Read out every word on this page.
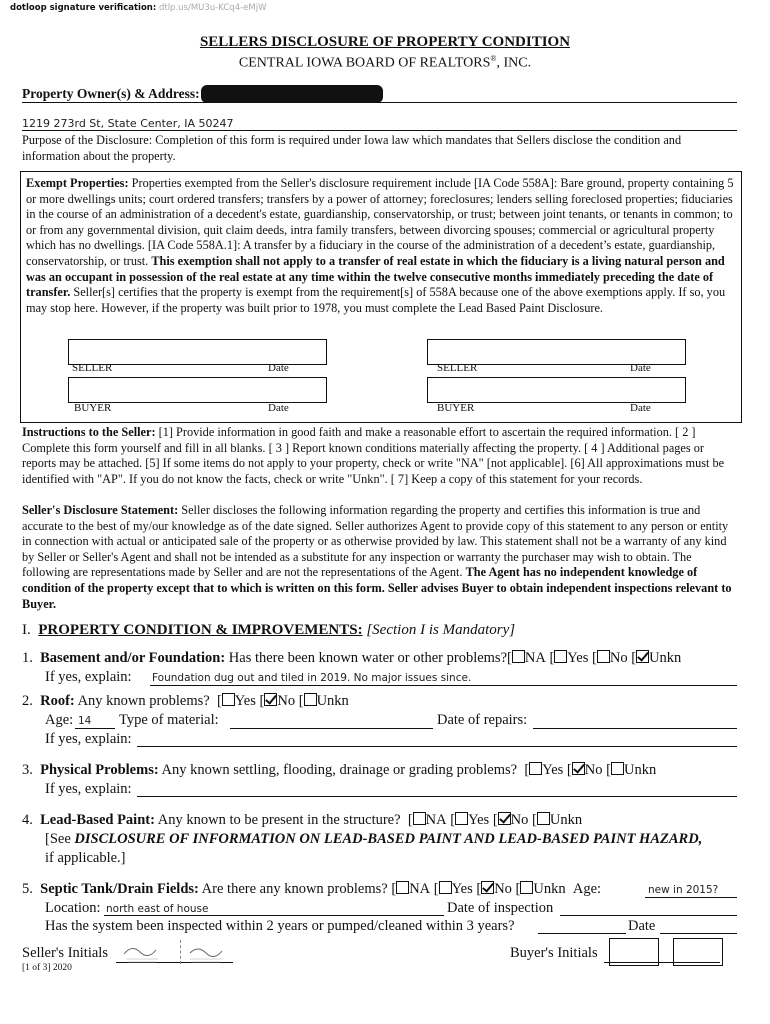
dotloop signature verification: dtlp.us/MU3u-KCq4-eMjW
SELLERS DISCLOSURE OF PROPERTY CONDITION
CENTRAL IOWA BOARD OF REALTORS®, INC.
Property Owner(s) & Address:
1219 273rd St, State Center, IA 50247
Purpose of the Disclosure: Completion of this form is required under Iowa law which mandates that Sellers disclose the condition and information about the property.
Exempt Properties: Properties exempted from the Seller's disclosure requirement include [IA Code 558A]: Bare ground, property containing 5 or more dwellings units; court ordered transfers; transfers by a power of attorney; foreclosures; lenders selling foreclosed properties; fiduciaries in the course of an administration of a decedent's estate, guardianship, conservatorship, or trust; between joint tenants, or tenants in common; to or from any governmental division, quit claim deeds, intra family transfers, between divorcing spouses; commercial or agricultural property which has no dwellings. [IA Code 558A.1]: A transfer by a fiduciary in the course of the administration of a decedent’s estate, guardianship, conservatorship, or trust. This exemption shall not apply to a transfer of real estate in which the fiduciary is a living natural person and was an occupant in possession of the real estate at any time within the twelve consecutive months immediately preceding the date of transfer. Seller[s] certifies that the property is exempt from the requirement[s] of 558A because one of the above exemptions apply. If so, you may stop here. However, if the property was built prior to 1978, you must complete the Lead Based Paint Disclosure.
SELLER	Date	SELLER	Date
BUYER	Date	BUYER	Date
Instructions to the Seller: [1] Provide information in good faith and make a reasonable effort to ascertain the required information. [ 2 ] Complete this form yourself and fill in all blanks. [ 3 ] Report known conditions materially affecting the property. [ 4 ] Additional pages or reports may be attached. [5] If some items do not apply to your property, check or write "NA" [not applicable]. [6] All approximations must be identified with "AP". If you do not know the facts, check or write "Unkn". [ 7] Keep a copy of this statement for your records.
Seller's Disclosure Statement: Seller discloses the following information regarding the property and certifies this information is true and accurate to the best of my/our knowledge as of the date signed. Seller authorizes Agent to provide copy of this statement to any person or entity in connection with actual or anticipated sale of the property or as otherwise provided by law. This statement shall not be a warranty of any kind by Seller or Seller's Agent and shall not be intended as a substitute for any inspection or warranty the purchaser may wish to obtain. The following are representations made by Seller and are not the representations of the Agent. The Agent has no independent knowledge of condition of the property except that to which is written on this form. Seller advises Buyer to obtain independent inspections relevant to Buyer.
I. PROPERTY CONDITION & IMPROVEMENTS: [Section I is Mandatory]
1. Basement and/or Foundation: Has there been known water or other problems?[ NA [ Yes [ No [ Unkn
If yes, explain: Foundation dug out and tiled in 2019. No major issues since.
2. Roof: Any known problems?  [ Yes [ No [ Unkn
Age: 14 Type of material:	Date of repairs:
If yes, explain:
3. Physical Problems: Any known settling, flooding, drainage or grading problems?  [ Yes [ No [ Unkn
If yes, explain:
4. Lead-Based Paint: Any known to be present in the structure?  [ NA [ Yes [ No [ Unkn
[See DISCLOSURE OF INFORMATION ON LEAD-BASED PAINT AND LEAD-BASED PAINT HAZARD,
if applicable.]
5. Septic Tank/Drain Fields: Are there any known problems? [ NA [ Yes [ No [ Unkn Age:	new in 2015?
Location: north east of house	Date of inspection
Has the system been inspected within 2 years or pumped/cleaned within 3 years?	Date
Seller's Initials	Buyer's Initials
[1 of 3] 2020
